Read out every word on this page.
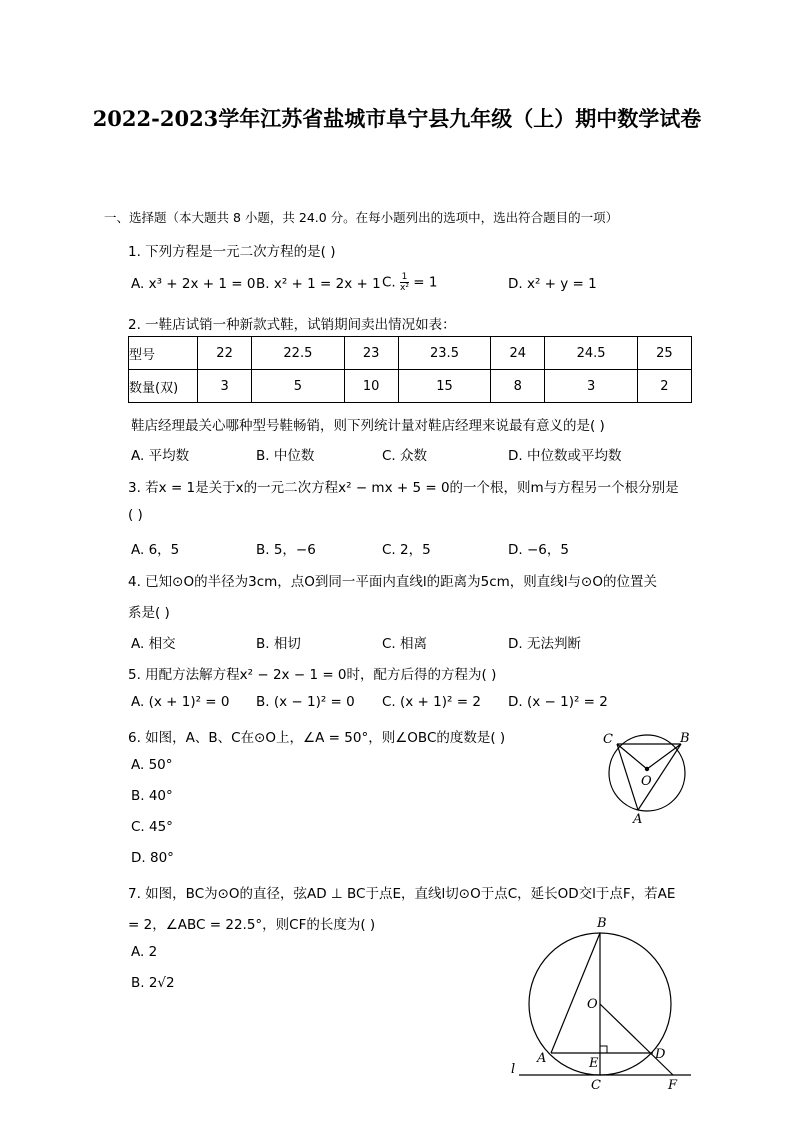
2022-2023学年江苏省盐城市阜宁县九年级（上）期中数学试卷
一、选择题（本大题共 8 小题，共 24.0 分。在每小题列出的选项中，选出符合题目的一项）
1. 下列方程是一元二次方程的是( )
A. x³ + 2x + 1 = 0 B. x² + 1 = 2x + 1 C. $\frac{1}{\text{x²}} = 1$	D. x² + y = 1
2. 一鞋店试销一种新款式鞋，试销期间卖出情况如表：
型号	22	22.5	23	23.5	24	24.5	25
数量(双)	3	5	10	15	8	3	2
鞋店经理最关心哪种型号鞋畅销，则下列统计量对鞋店经理来说最有意义的是( )
A. 平均数	B. 中位数	C. 众数	D. 中位数或平均数
3. 若x = 1是关于x的一元二次方程x² − mx + 5 = 0的一个根，则m与方程另一个根分别是
( )
A. 6，5	B. 5，−6	C. 2，5	D. −6，5
4. 已知⊙O的半径为3cm，点O到同一平面内直线l的距离为5cm，则直线l与⊙O的位置关
系是( )
A. 相交	B. 相切	C. 相离	D. 无法判断
5. 用配方法解方程x² − 2x − 1 = 0时，配方后得的方程为( )
A. (x + 1)² = 0 B. (x − 1)² = 0 C. (x + 1)² = 2 D. (x − 1)² = 2
6. 如图，A、B、C在⊙O上，∠A = 50°，则∠OBC的度数是( )
A. 50°
B. 40°
C. 45°
D. 80°
C	B
O
A
7. 如图，BC为⊙O的直径，弦AD ⊥ BC于点E，直线l切⊙O于点C，延长OD交l于点F，若AE
= 2，∠ABC = 22.5°，则CF的长度为( )
A. 2
B. 2√2
B
O
A	E
D
l
C	F
